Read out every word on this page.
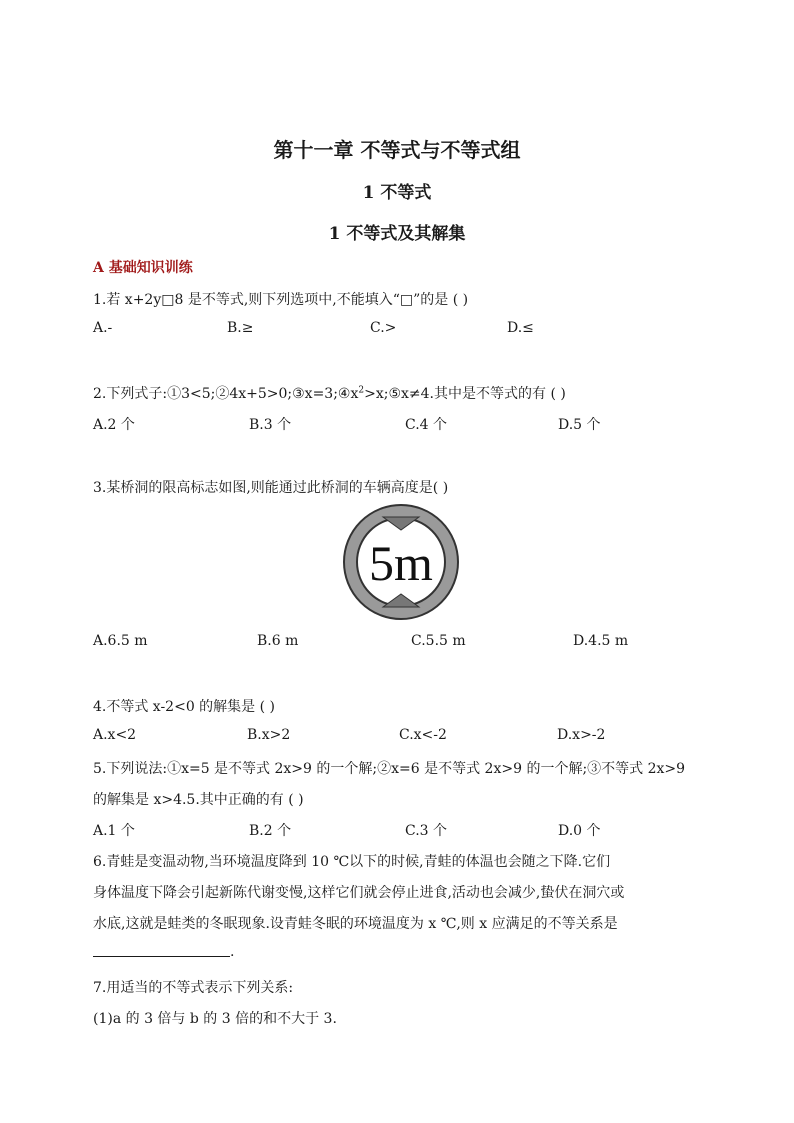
第十一章 不等式与不等式组
1 不等式
1 不等式及其解集
A 基础知识训练
1.若 x+2y□8 是不等式,则下列选项中,不能填入“□”的是 ( )
A.-	B.≥	C.>	D.≤
2.下列式子$:①3<5;②4x+5>0;③x=3;④x^2>x;⑤x\ne 4$.其中是不等式的有 ( )
A.2 个	B.3 个	C.4 个	D.5 个
3.某桥洞的限高标志如图,则能通过此桥洞的车辆高度是( )
5m
A.6.5 m	B.6 m	C.5.5 m	D.4.5 m
4.不等式 x-2<0 的解集是 ( )
A.x<2	B.x>2	C.x<-2	D.x>-2
5.下列说法:①x=5 是不等式 2x>9 的一个解;②x=6 是不等式 2x>9 的一个解;③不等式 2x>9
的解集是 x>4.5.其中正确的有 ( )
A.1 个	B.2 个	C.3 个	D.0 个
6.青蛙是变温动物,当环境温度降到 10 ℃以下的时候,青蛙的体温也会随之下降.它们
身体温度下降会引起新陈代谢变慢,这样它们就会停止进食,活动也会减少,蛰伏在洞穴或
水底,这就是蛙类的冬眠现象.设青蛙冬眠的环境温度为 x ℃,则 x 应满足的不等关系是
.
7.用适当的不等式表示下列关系:
(1)a 的 3 倍与 b 的 3 倍的和不大于 3.
